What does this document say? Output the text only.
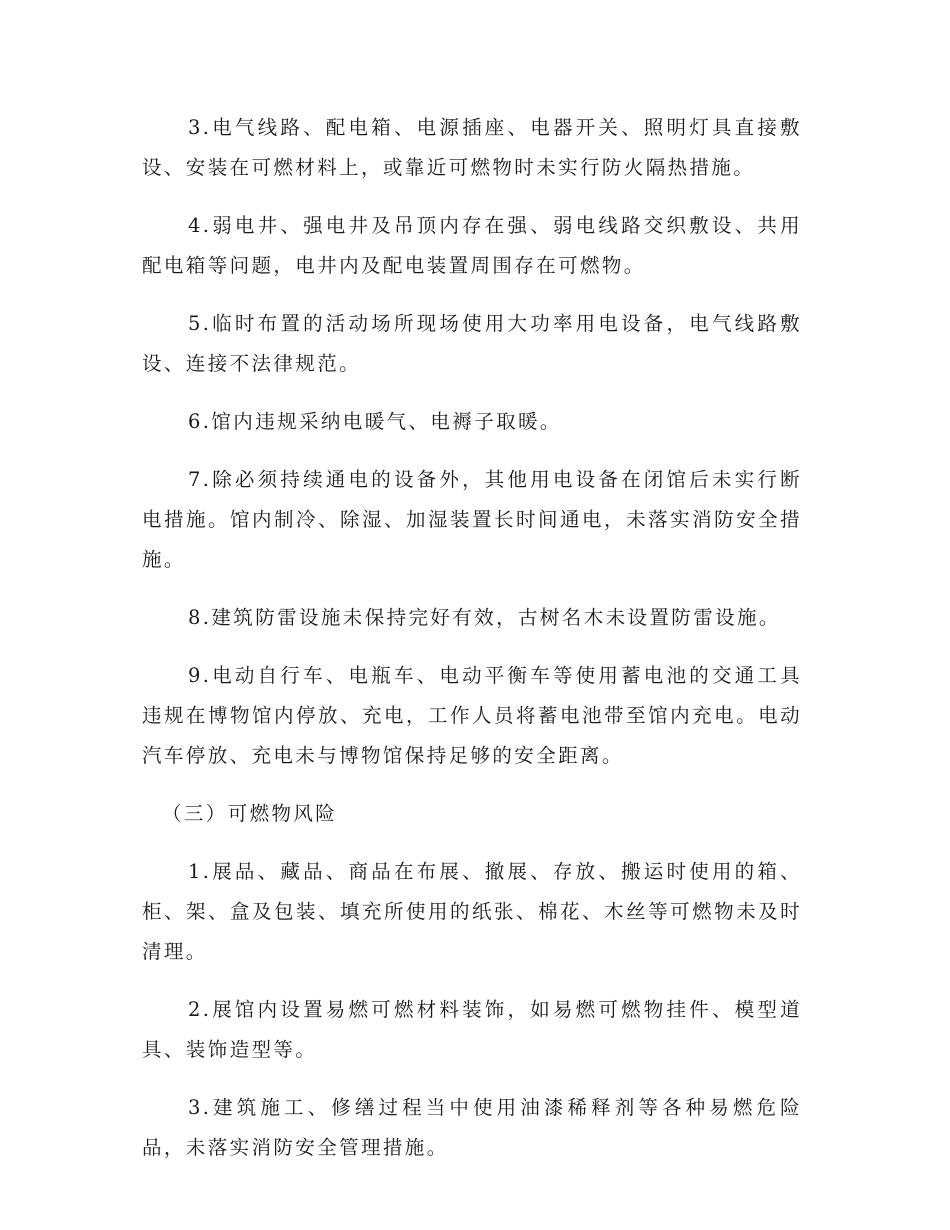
3.电气线路、配电箱、电源插座、电器开关、照明灯具直接敷设、安装在可燃材料上，或靠近可燃物时未实行防火隔热措施。

4.弱电井、强电井及吊顶内存在强、弱电线路交织敷设、共用配电箱等问题，电井内及配电装置周围存在可燃物。

5.临时布置的活动场所现场使用大功率用电设备，电气线路敷设、连接不法律规范。

6.馆内违规采纳电暖气、电褥子取暖。

7.除必须持续通电的设备外，其他用电设备在闭馆后未实行断电措施。馆内制冷、除湿、加湿装置长时间通电，未落实消防安全措施。

8.建筑防雷设施未保持完好有效，古树名木未设置防雷设施。

9.电动自行车、电瓶车、电动平衡车等使用蓄电池的交通工具违规在博物馆内停放、充电，工作人员将蓄电池带至馆内充电。电动汽车停放、充电未与博物馆保持足够的安全距离。

（三）可燃物风险

1.展品、藏品、商品在布展、撤展、存放、搬运时使用的箱、柜、架、盒及包装、填充所使用的纸张、棉花、木丝等可燃物未及时清理。

2.展馆内设置易燃可燃材料装饰，如易燃可燃物挂件、模型道具、装饰造型等。

3.建筑施工、修缮过程当中使用油漆稀释剂等各种易燃危险品，未落实消防安全管理措施。
